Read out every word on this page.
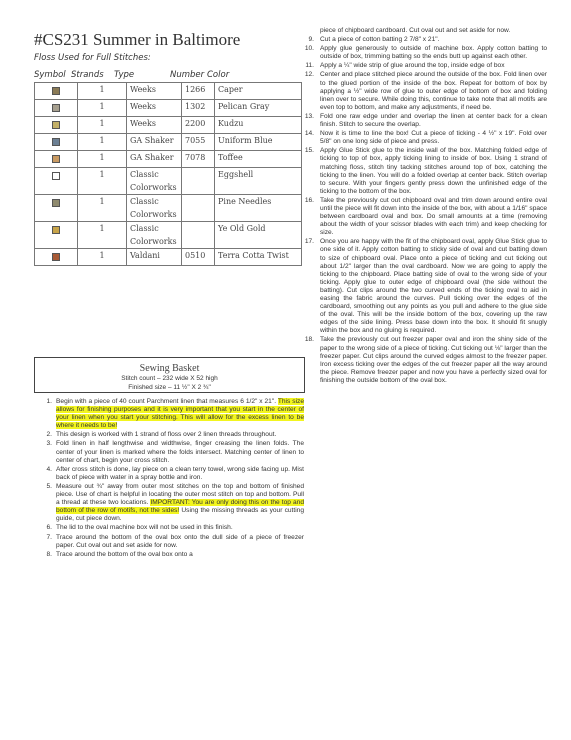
#CS231 Summer in Baltimore
Floss Used for Full Stitches:
Symbol Strands Type	Number Color
	1	Weeks	1266	Caper
	1	Weeks	1302	Pelican Gray
	1	Weeks	2200	Kudzu
	1	GA Shaker	7055	Uniform Blue
	1	GA Shaker	7078	Toffee
	1	Classic Colorworks		Eggshell
	1	Classic Colorworks		Pine Needles
	1	Classic Colorworks		Ye Old Gold
	1	Valdani	0510	Terra Cotta Twist
Sewing Basket
Stitch count – 232 wide X 52 high
Finished size – 11 ½" X 2 ¾"
1. Begin with a piece of 40 count Parchment linen that measures 6 1/2" x 21". This size allows for finishing purposes and it is very important that you start in the center of your linen when you start your stitching. This will allow for the excess linen to be where it needs to be!
2. This design is worked with 1 strand of floss over 2 linen threads throughout.
3. Fold linen in half lengthwise and widthwise, finger creasing the linen folds. The center of your linen is marked where the folds intersect. Matching center of linen to center of chart, begin your cross stitch.
4. After cross stitch is done, lay piece on a clean terry towel, wrong side facing up. Mist back of piece with water in a spray bottle and iron.
5. Measure out ¾" away from outer most stitches on the top and bottom of finished piece. Use of chart is helpful in locating the outer most stitch on top and bottom. Pull a thread at these two locations. IMPORTANT: You are only doing this on the top and bottom of the row of motifs, not the sides! Using the missing threads as your cutting guide, cut piece down.
6. The lid to the oval machine box will not be used in this finish.
7. Trace around the bottom of the oval box onto the dull side of a piece of freezer paper. Cut oval out and set aside for now.
8. Trace around the bottom of the oval box onto a
piece of chipboard cardboard. Cut oval out and set aside for now.
9. Cut a piece of cotton batting 2 7/8" x 21".
10. Apply glue generously to outside of machine box. Apply cotton batting to outside of box, trimming batting so the ends butt up against each other.
11. Apply a ¼" wide strip of glue around the top, inside edge of box
12. Center and place stitched piece around the outside of the box. Fold linen over to the glued portion of the inside of the box. Repeat for bottom of box by applying a ½" wide row of glue to outer edge of bottom of box and folding linen over to secure. While doing this, continue to take note that all motifs are even top to bottom, and make any adjustments, if need be.
13. Fold one raw edge under and overlap the linen at center back for a clean finish. Stitch to secure the overlap.
14. Now it is time to line the box! Cut a piece of ticking - 4 ½" x 19". Fold over 5/8" on one long side of piece and press.
15. Apply Glue Stick glue to the inside wall of the box. Matching folded edge of ticking to top of box, apply ticking lining to inside of box. Using 1 strand of matching floss, stitch tiny tacking stitches around top of box, catching the ticking to the linen. You will do a folded overlap at center back. Stitch overlap to secure. With your fingers gently press down the unfinished edge of the ticking to the bottom of the box.
16. Take the previously cut out chipboard oval and trim down around entire oval until the piece will fit down into the inside of the box, with about a 1/16" space between cardboard oval and box. Do small amounts at a time (removing about the width of your scissor blades with each trim) and keep checking for size.
17. Once you are happy with the fit of the chipboard oval, apply Glue Stick glue to one side of it. Apply cotton batting to sticky side of oval and cut batting down to size of chipboard oval. Place onto a piece of ticking and cut ticking out about 1/2" larger than the oval cardboard. Now we are going to apply the ticking to the chipboard. Place batting side of oval to the wrong side of your ticking. Apply glue to outer edge of chipboard oval (the side without the batting). Cut clips around the two curved ends of the ticking oval to aid in easing the fabric around the curves. Pull ticking over the edges of the cardboard, smoothing out any points as you pull and adhere to the glue side of the oval. This will be the inside bottom of the box, covering up the raw edges of the side lining. Press base down into the box. It should fit snugly within the box and no gluing is required.
18. Take the previously cut out freezer paper oval and iron the shiny side of the paper to the wrong side of a piece of ticking. Cut ticking out ⅛" larger than the freezer paper. Cut clips around the curved edges almost to the freezer paper. Iron excess ticking over the edges of the cut freezer paper all the way around the piece. Remove freezer paper and now you have a perfectly sized oval for finishing the outside bottom of the oval box.
